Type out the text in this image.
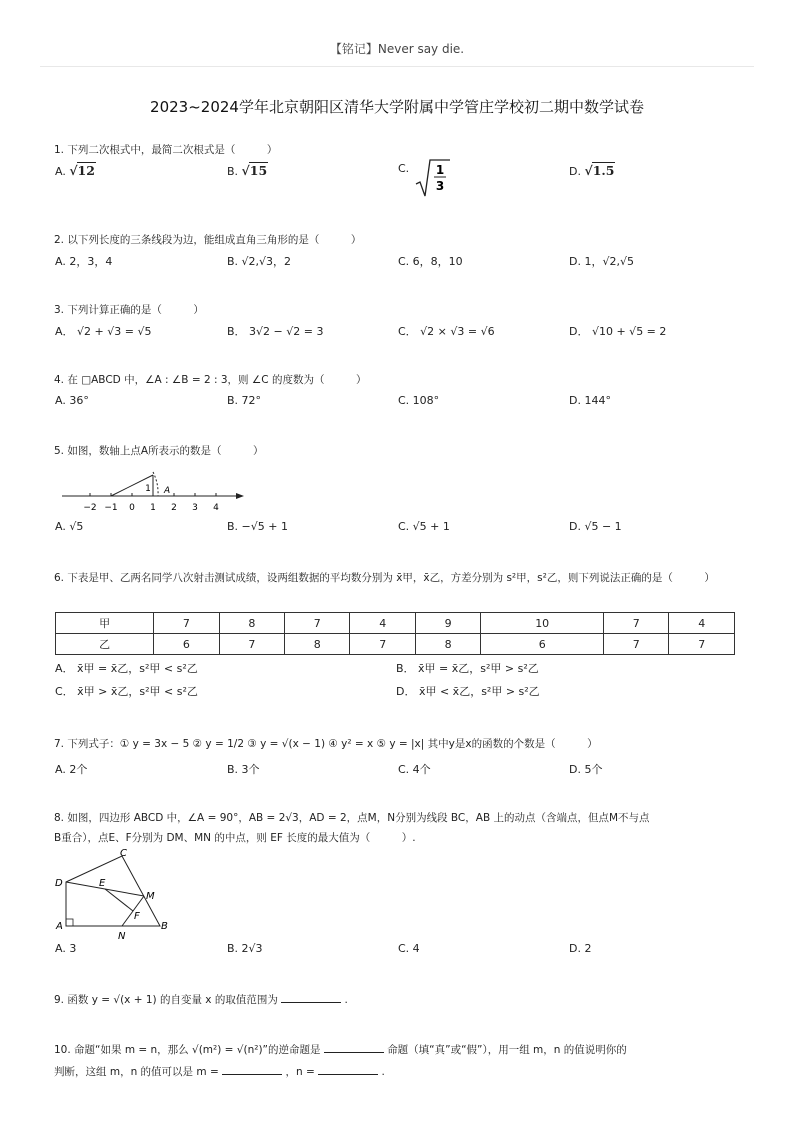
【铭记】Never say die.
2023~2024学年北京朝阳区清华大学附属中学管庄学校初二期中数学试卷
1. 下列二次根式中，最简二次根式是（　　　）
A. √12	B. √15	C. 1
3
D. √1.5
2. 以下列长度的三条线段为边，能组成直角三角形的是（　　　）
A. 2，3，4	B. √2,√3，2	C. 6，8，10	D. 1，√2,√5
3. 下列计算正确的是（　　　）
A． √2 + √3 = √5	B． 3√2 − √2 = 3	C． √2 × √3 = √6	D． √10 + √5 = 2
4. 在 □ABCD 中，∠A : ∠B = 2 : 3，则 ∠C 的度数为（　　　）
A. 36°	B. 72°	C. 108°	D. 144°
5. 如图，数轴上点A所表示的数是（　　　）
1 A
−2 −1 0 1 2 3 4
A. √5	B. −√5 + 1	C. √5 + 1	D. √5 − 1
6. 下表是甲、乙两名同学八次射击测试成绩，设两组数据的平均数分别为 x̄甲，x̄乙，方差分别为 s²甲，s²乙，则下列说法正确的是（　　　）
甲	7	8	7	4	9	10	7	4
乙	6	7	8	7	8	6	7	7
A． x̄甲 = x̄乙，s²甲 < s²乙	B． x̄甲 = x̄乙，s²甲 > s²乙
C． x̄甲 > x̄乙，s²甲 < s²乙	D． x̄甲 < x̄乙，s²甲 > s²乙
7. 下列式子：① y = 3x − 5 ② y = 1/2 ③ y = √(x − 1) ④ y² = x ⑤ y = |x| 其中y是x的函数的个数是（　　　）
A. 2个	B. 3个	C. 4个	D. 5个
8. 如图，四边形 ABCD 中，∠A = 90°，AB = 2√3，AD = 2，点M，N分别为线段 BC，AB 上的动点（含端点，但点M不与点
B重合），点E、F分别为 DM、MN 的中点，则 EF 长度的最大值为（　　　）.
C
D	E
M
F
A
N
B
A. 3	B. 2√3	C. 4	D. 2
9. 函数 y = √(x + 1) 的自变量 x 的取值范围为	.
10. 命题“如果 m = n，那么 √(m²) = √(n²)”的逆命题是	命题（填“真”或“假”），用一组 m，n 的值说明你的
判断，这组 m，n 的值可以是 m =	，n =	.
